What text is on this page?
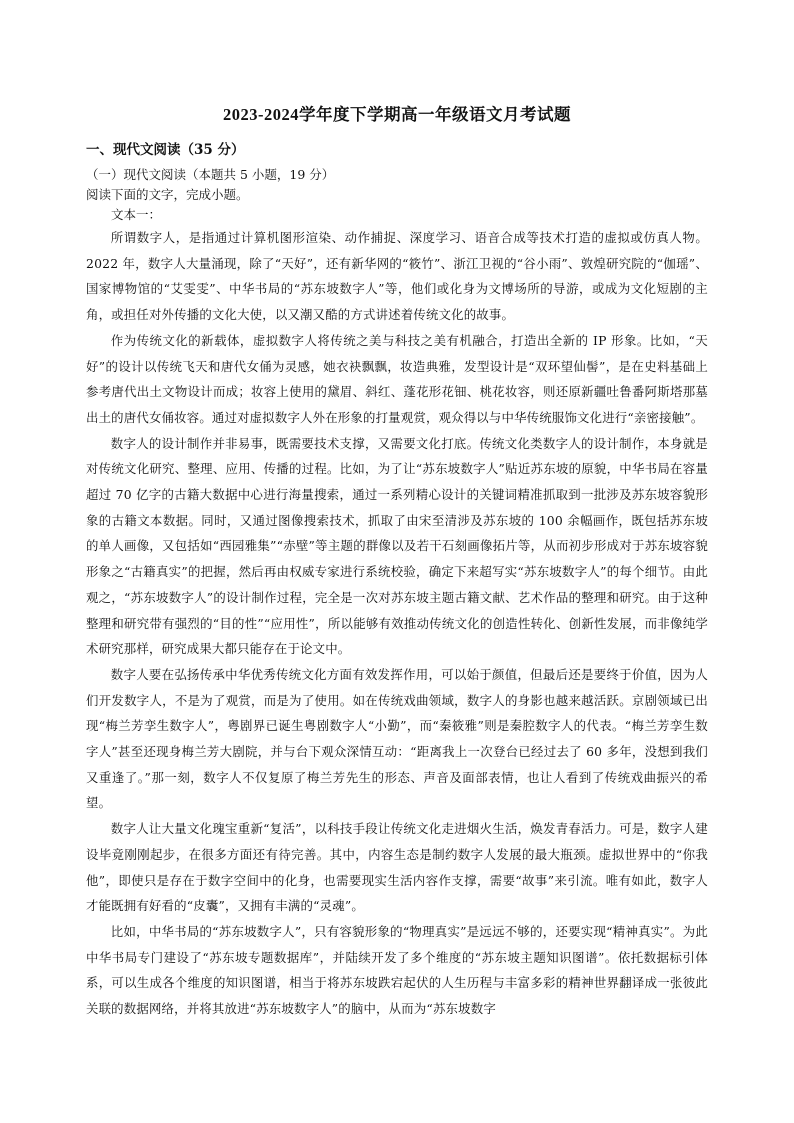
2023-2024学年度下学期高一年级语文月考试题
一、现代文阅读（35 分）
（一）现代文阅读（本题共 5 小题，19 分）
阅读下面的文字，完成小题。
文本一：

所谓数字人，是指通过计算机图形渲染、动作捕捉、深度学习、语音合成等技术打造的虚拟或仿真人物。2022 年，数字人大量涌现，除了“天好”，还有新华网的“筱竹”、浙江卫视的“谷小雨”、敦煌研究院的“伽瑶”、国家博物馆的“艾雯雯”、中华书局的“苏东坡数字人”等，他们或化身为文博场所的导游，或成为文化短剧的主角，或担任对外传播的文化大使，以又潮又酷的方式讲述着传统文化的故事。

作为传统文化的新载体，虚拟数字人将传统之美与科技之美有机融合，打造出全新的 IP 形象。比如，“天好”的设计以传统飞天和唐代女俑为灵感，她衣袂飘飘，妆造典雅，发型设计是“双环望仙髻”，是在史料基础上参考唐代出土文物设计而成；妆容上使用的黛眉、斜红、蓬花形花钿、桃花妆容，则还原新疆吐鲁番阿斯塔那墓出土的唐代女俑妆容。通过对虚拟数字人外在形象的打量观赏，观众得以与中华传统服饰文化进行“亲密接触”。

数字人的设计制作并非易事，既需要技术支撑，又需要文化打底。传统文化类数字人的设计制作，本身就是对传统文化研究、整理、应用、传播的过程。比如，为了让“苏东坡数字人”贴近苏东坡的原貌，中华书局在容量超过 70 亿字的古籍大数据中心进行海量搜索，通过一系列精心设计的关键词精准抓取到一批涉及苏东坡容貌形象的古籍文本数据。同时，又通过图像搜索技术，抓取了由宋至清涉及苏东坡的 100 余幅画作，既包括苏东坡的单人画像，又包括如“西园雅集”“赤壁”等主题的群像以及若干石刻画像拓片等，从而初步形成对于苏东坡容貌形象之“古籍真实”的把握，然后再由权威专家进行系统校验，确定下来超写实“苏东坡数字人”的每个细节。由此观之，“苏东坡数字人”的设计制作过程，完全是一次对苏东坡主题古籍文献、艺术作品的整理和研究。由于这种整理和研究带有强烈的“目的性”“应用性”，所以能够有效推动传统文化的创造性转化、创新性发展，而非像纯学术研究那样，研究成果大都只能存在于论文中。

数字人要在弘扬传承中华优秀传统文化方面有效发挥作用，可以始于颜值，但最后还是要终于价值，因为人们开发数字人，不是为了观赏，而是为了使用。如在传统戏曲领域，数字人的身影也越来越活跃。京剧领域已出现“梅兰芳孪生数字人”，粤剧界已诞生粤剧数字人“小勤”，而“秦筱雅”则是秦腔数字人的代表。“梅兰芳孪生数字人”甚至还现身梅兰芳大剧院，并与台下观众深情互动：“距离我上一次登台已经过去了 60 多年，没想到我们又重逢了。”那一刻，数字人不仅复原了梅兰芳先生的形态、声音及面部表情，也让人看到了传统戏曲振兴的希望。

数字人让大量文化瑰宝重新“复活”，以科技手段让传统文化走进烟火生活，焕发青春活力。可是，数字人建设毕竟刚刚起步，在很多方面还有待完善。其中，内容生态是制约数字人发展的最大瓶颈。虚拟世界中的“你我他”，即使只是存在于数字空间中的化身，也需要现实生活内容作支撑，需要“故事”来引流。唯有如此，数字人才能既拥有好看的“皮囊”，又拥有丰满的“灵魂”。

比如，中华书局的“苏东坡数字人”，只有容貌形象的“物理真实”是远远不够的，还要实现“精神真实”。为此中华书局专门建设了“苏东坡专题数据库”，并陆续开发了多个维度的“苏东坡主题知识图谱”。依托数据标引体系，可以生成各个维度的知识图谱，相当于将苏东坡跌宕起伏的人生历程与丰富多彩的精神世界翻译成一张彼此关联的数据网络，并将其放进“苏东坡数字人”的脑中，从而为“苏东坡数字
